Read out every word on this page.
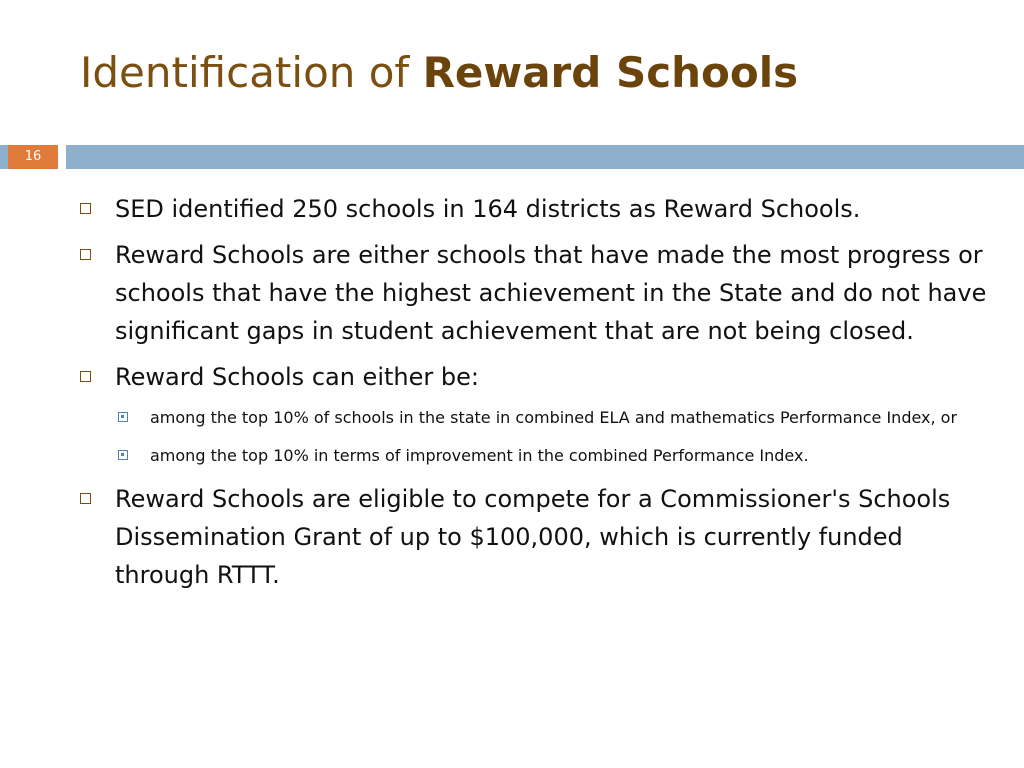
Identification of Reward Schools
16
SED identified 250 schools in 164 districts as Reward Schools.
Reward Schools are either schools that have made the most progress or schools that have the highest achievement in the State and do not have significant gaps in student achievement that are not being closed.
Reward Schools can either be:
among the top 10% of schools in the state in combined ELA and mathematics Performance Index, or
among the top 10% in terms of improvement in the combined Performance Index.
Reward Schools are eligible to compete for a Commissioner's Schools Dissemination Grant of up to $100,000, which is currently funded through RTTT.
